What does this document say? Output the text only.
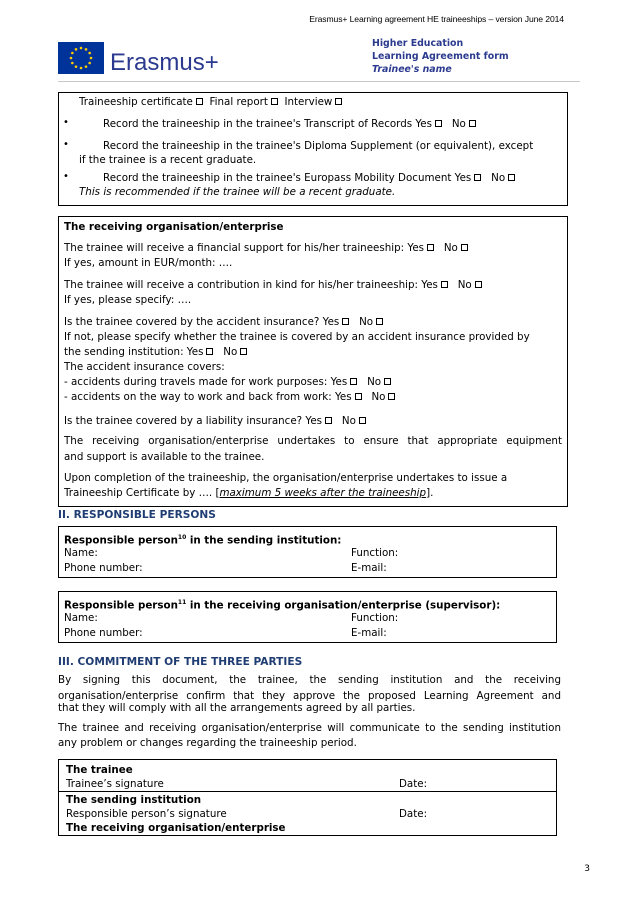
Erasmus+ Learning agreement HE traineeships – version June 2014
Higher Education
Learning Agreement form
Trainee's name
Erasmus+
Traineeship certificate Final report Interview
•	Record the traineeship in the trainee's Transcript of Records Yes No
•	Record the traineeship in the trainee's Diploma Supplement (or equivalent), except
if the trainee is a recent graduate.
•	Record the traineeship in the trainee's Europass Mobility Document Yes No
This is recommended if the trainee will be a recent graduate.
The receiving organisation/enterprise
The trainee will receive a financial support for his/her traineeship: Yes No
If yes, amount in EUR/month: ….
The trainee will receive a contribution in kind for his/her traineeship: Yes No
If yes, please specify: ….
Is the trainee covered by the accident insurance? Yes No
If not, please specify whether the trainee is covered by an accident insurance provided by
the sending institution: Yes No
The accident insurance covers:
- accidents during travels made for work purposes: Yes No
- accidents on the way to work and back from work: Yes No
Is the trainee covered by a liability insurance? Yes No
The receiving organisation/enterprise undertakes to ensure that appropriate equipment
and support is available to the trainee.
Upon completion of the traineeship, the organisation/enterprise undertakes to issue a
Traineeship Certificate by …. [maximum 5 weeks after the traineeship].
II. RESPONSIBLE PERSONS
Responsible person$^{10}$ in the sending institution:
Name:	Function:
Phone number:	E-mail:
Responsible person$^{11}$ in the receiving organisation/enterprise (supervisor):
Name:	Function:
Phone number:	E-mail:
III. COMMITMENT OF THE THREE PARTIES
By signing this document, the trainee, the sending institution and the receiving
organisation/enterprise confirm that they approve the proposed Learning Agreement and
that they will comply with all the arrangements agreed by all parties.
The trainee and receiving organisation/enterprise will communicate to the sending institution
any problem or changes regarding the traineeship period.
The trainee
Trainee’s signature	Date:
The sending institution
Responsible person’s signature	Date:
The receiving organisation/enterprise
3
